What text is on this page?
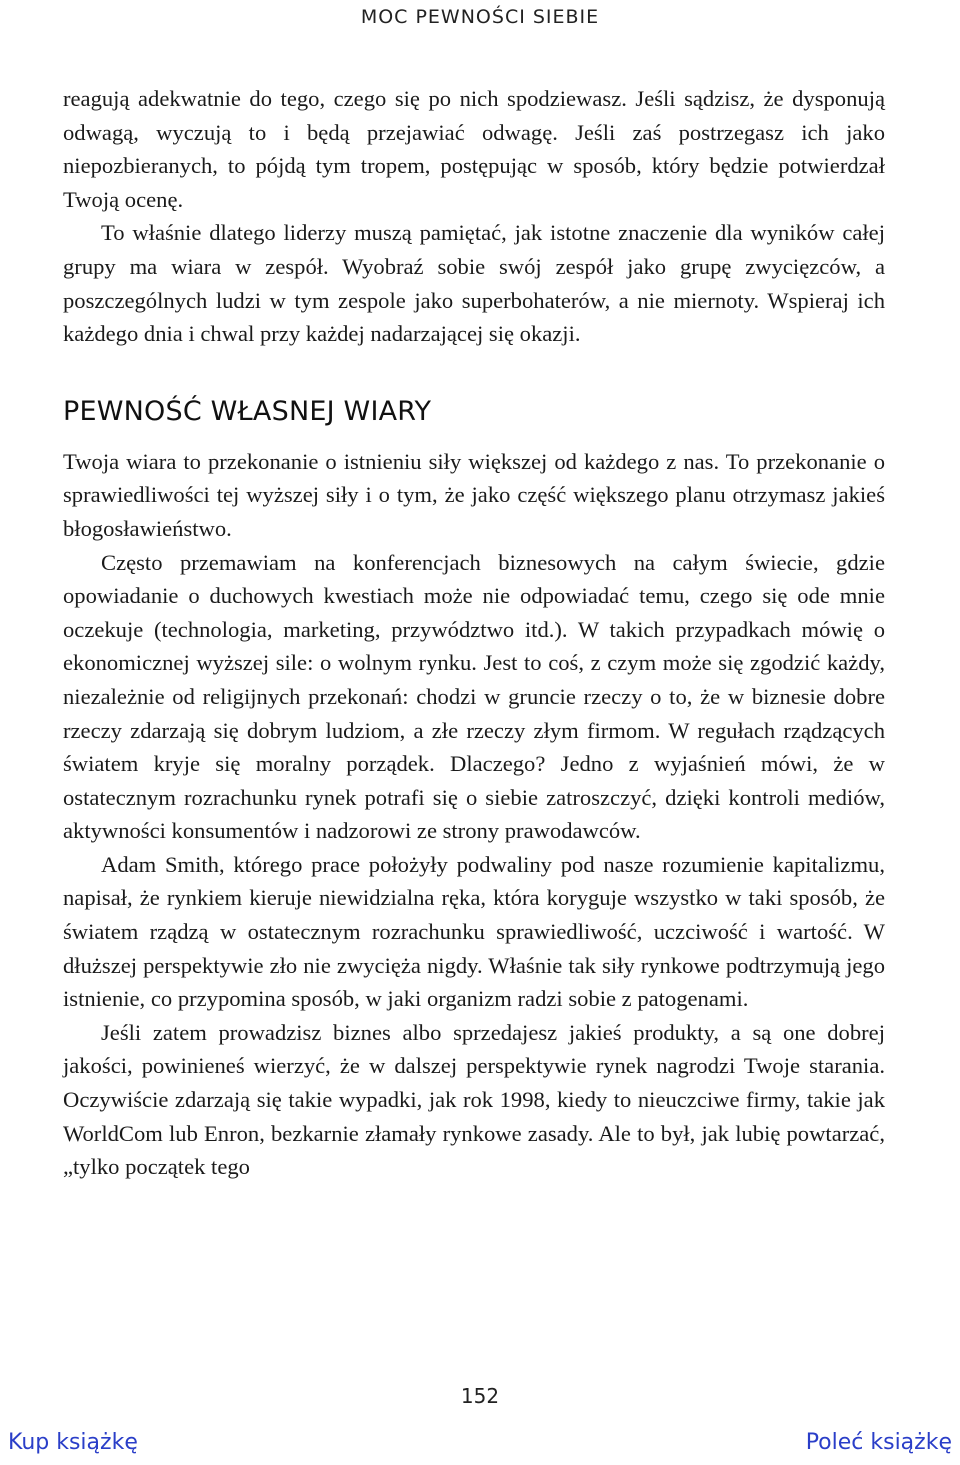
MOC PEWNOŚCI SIEBIE

reagują adekwatnie do tego, czego się po nich spodziewasz. Jeśli sądzisz, że dysponują odwagą, wyczują to i będą przejawiać odwagę. Jeśli zaś postrzegasz ich jako niepozbieranych, to pójdą tym tropem, postępując w sposób, który będzie potwierdzał Twoją ocenę.

To właśnie dlatego liderzy muszą pamiętać, jak istotne znaczenie dla wyników całej grupy ma wiara w zespół. Wyobraź sobie swój zespół jako grupę zwycięzców, a poszczególnych ludzi w tym zespole jako superbohaterów, a nie miernoty. Wspieraj ich każdego dnia i chwal przy każdej nadarzającej się okazji.

PEWNOŚĆ WŁASNEJ WIARY

Twoja wiara to przekonanie o istnieniu siły większej od każdego z nas. To przekonanie o sprawiedliwości tej wyższej siły i o tym, że jako część większego planu otrzymasz jakieś błogosławieństwo.

Często przemawiam na konferencjach biznesowych na całym świecie, gdzie opowiadanie o duchowych kwestiach może nie odpowiadać temu, czego się ode mnie oczekuje (technologia, marketing, przywództwo itd.). W takich przypadkach mówię o ekonomicznej wyższej sile: o wolnym rynku. Jest to coś, z czym może się zgodzić każdy, niezależnie od religijnych przekonań: chodzi w gruncie rzeczy o to, że w biznesie dobre rzeczy zdarzają się dobrym ludziom, a złe rzeczy złym firmom. W regułach rządzących światem kryje się moralny porządek. Dlaczego? Jedno z wyjaśnień mówi, że w ostatecznym rozrachunku rynek potrafi się o siebie zatroszczyć, dzięki kontroli mediów, aktywności konsumentów i nadzorowi ze strony prawodawców.

Adam Smith, którego prace położyły podwaliny pod nasze rozumienie kapitalizmu, napisał, że rynkiem kieruje niewidzialna ręka, która koryguje wszystko w taki sposób, że światem rządzą w ostatecznym rozrachunku sprawiedliwość, uczciwość i wartość. W dłuższej perspektywie zło nie zwycięża nigdy. Właśnie tak siły rynkowe podtrzymują jego istnienie, co przypomina sposób, w jaki organizm radzi sobie z patogenami.

Jeśli zatem prowadzisz biznes albo sprzedajesz jakieś produkty, a są one dobrej jakości, powinieneś wierzyć, że w dalszej perspektywie rynek nagrodzi Twoje starania. Oczywiście zdarzają się takie wypadki, jak rok 1998, kiedy to nieuczciwe firmy, takie jak WorldCom lub Enron, bezkarnie złamały rynkowe zasady. Ale to był, jak lubię powtarzać, „tylko początek tego

152
Kup książkę	Poleć książkę
